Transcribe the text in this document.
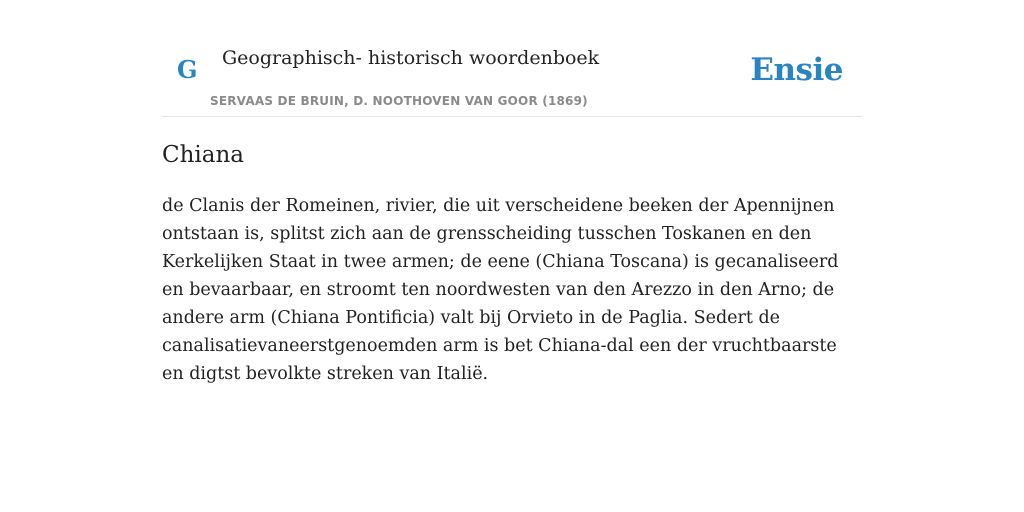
G Geographisch- historisch woordenboek
SERVAAS DE BRUIN, D. NOOTHOVEN VAN GOOR (1869)
Ensie
Chiana

de Clanis der Romeinen, rivier, die uit verscheidene beeken der Apennijnen ontstaan is, splitst zich aan de grensscheiding tusschen Toskanen en den Kerkelijken Staat in twee armen; de eene (Chiana Toscana) is gecanaliseerd en bevaarbaar, en stroomt ten noordwesten van den Arezzo in den Arno; de andere arm (Chiana Pontificia) valt bij Orvieto in de Paglia. Sedert de canalisatievaneerstgenoemden arm is bet Chiana-dal een der vruchtbaarste en digtst bevolkte streken van Italië.
